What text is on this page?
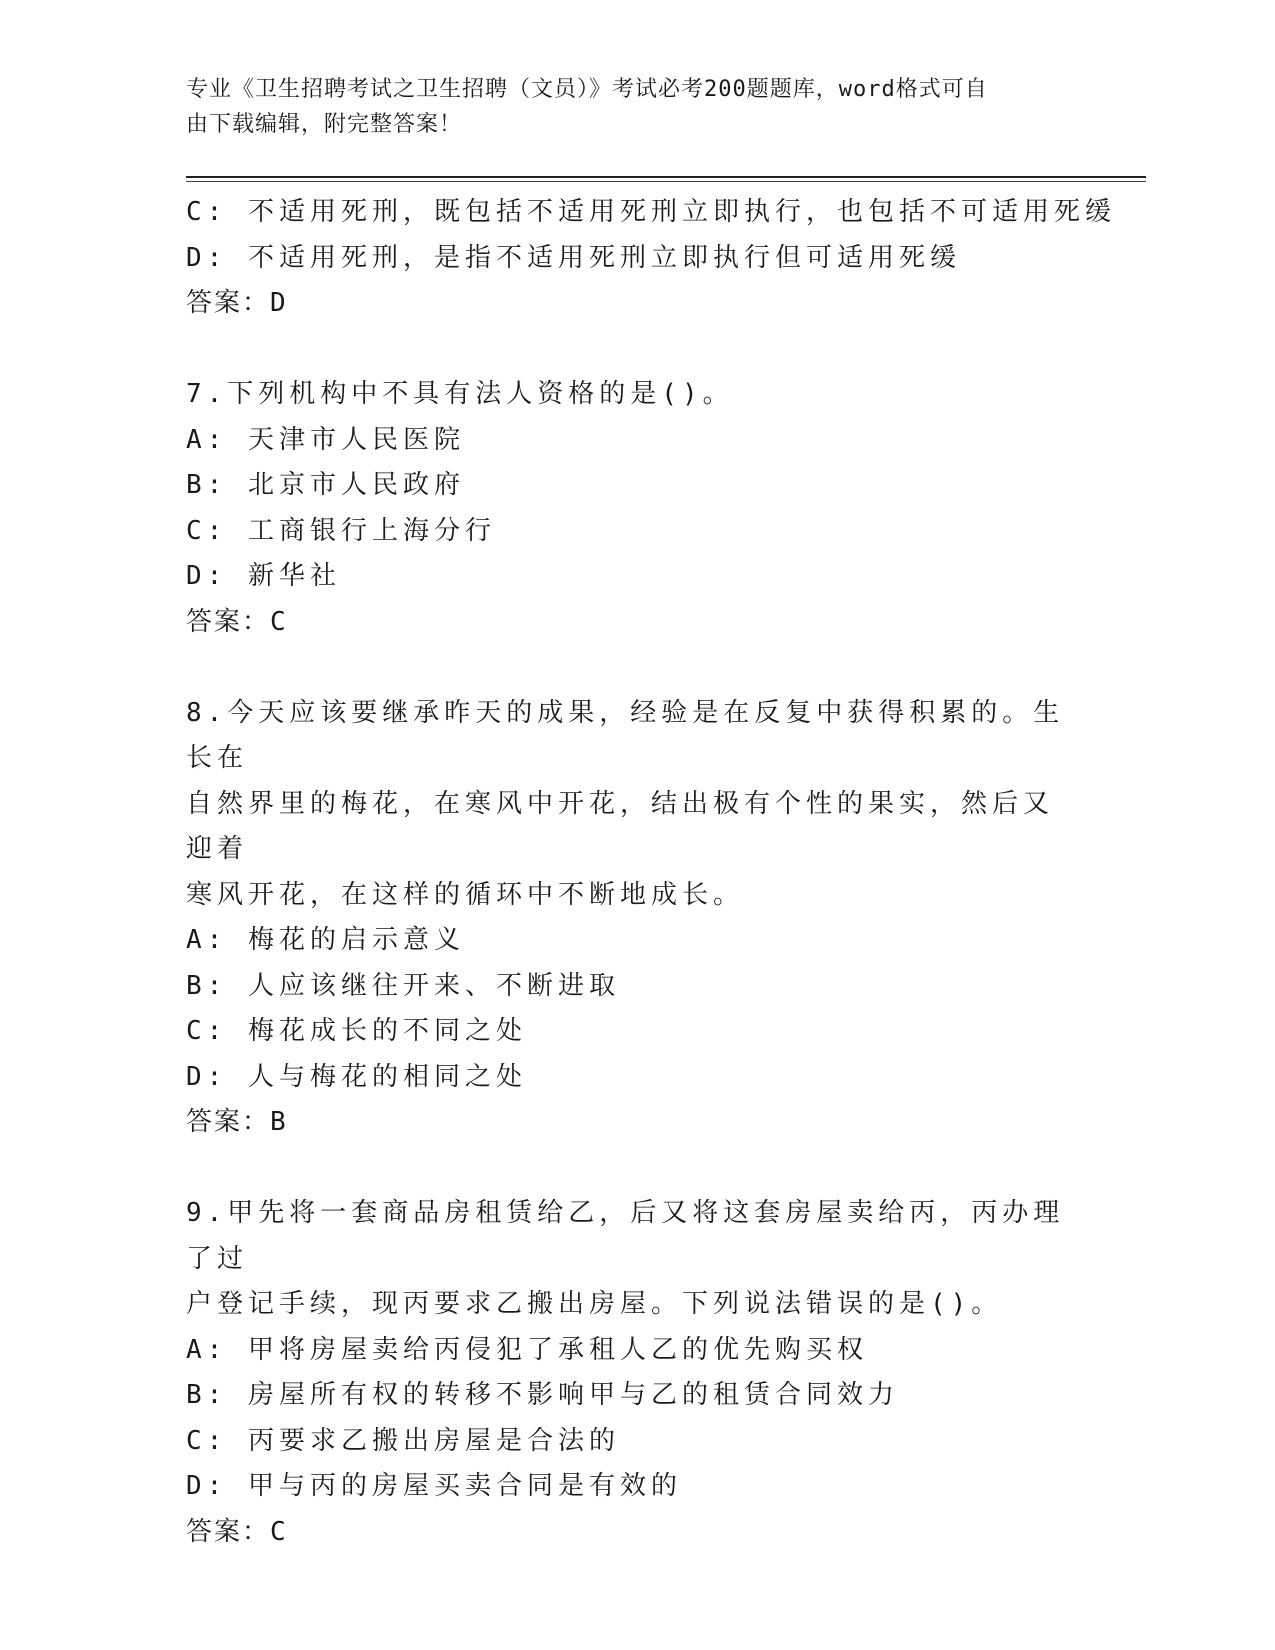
专业《卫生招聘考试之卫生招聘（文员）》考试必考200题题库，word格式可自
由下载编辑，附完整答案！
C: 不适用死刑，既包括不适用死刑立即执行，也包括不可适用死缓
D: 不适用死刑，是指不适用死刑立即执行但可适用死缓
答案：D
7.下列机构中不具有法人资格的是()。
A: 天津市人民医院
B: 北京市人民政府
C: 工商银行上海分行
D: 新华社
答案：C
8.今天应该要继承昨天的成果，经验是在反复中获得积累的。生长在
自然界里的梅花，在寒风中开花，结出极有个性的果实，然后又迎着
寒风开花，在这样的循环中不断地成长。
A: 梅花的启示意义
B: 人应该继往开来、不断进取
C: 梅花成长的不同之处
D: 人与梅花的相同之处
答案：B
9.甲先将一套商品房租赁给乙，后又将这套房屋卖给丙，丙办理了过
户登记手续，现丙要求乙搬出房屋。下列说法错误的是()。
A: 甲将房屋卖给丙侵犯了承租人乙的优先购买权
B: 房屋所有权的转移不影响甲与乙的租赁合同效力
C: 丙要求乙搬出房屋是合法的
D: 甲与丙的房屋买卖合同是有效的
答案：C
